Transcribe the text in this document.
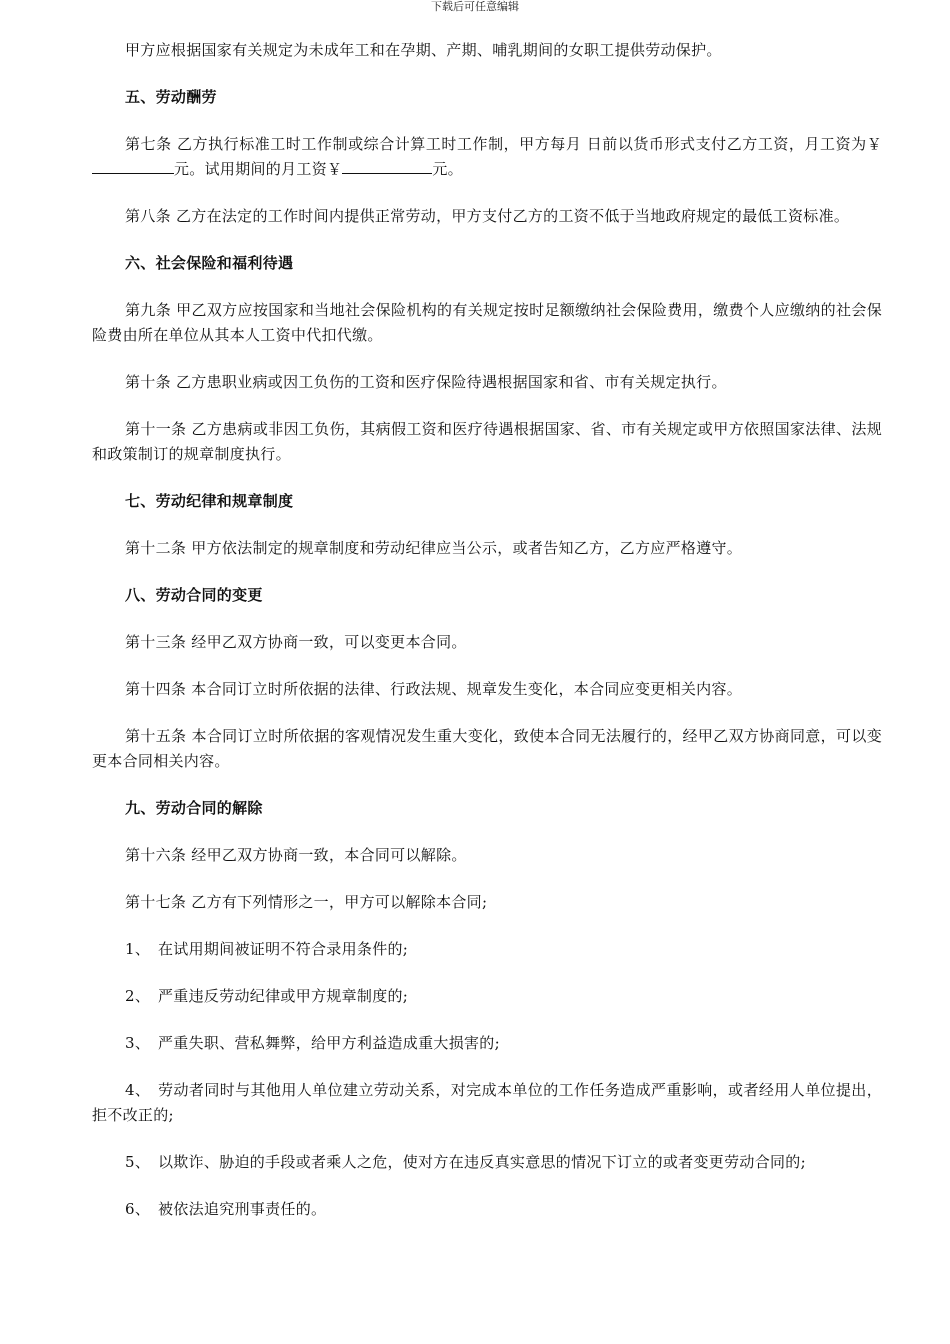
下载后可任意编辑

甲方应根据国家有关规定为未成年工和在孕期、产期、哺乳期间的女职工提供劳动保护。

五、劳动酬劳

第七条 乙方执行标准工时工作制或综合计算工时工作制，甲方每月 日前以货币形式支付乙方工资，月工资为￥元。试用期间的月工资￥	元。

第八条 乙方在法定的工作时间内提供正常劳动，甲方支付乙方的工资不低于当地政府规定的最低工资标准。

六、社会保险和福利待遇

第九条 甲乙双方应按国家和当地社会保险机构的有关规定按时足额缴纳社会保险费用，缴费个人应缴纳的社会保险费由所在单位从其本人工资中代扣代缴。

第十条 乙方患职业病或因工负伤的工资和医疗保险待遇根据国家和省、市有关规定执行。

第十一条 乙方患病或非因工负伤，其病假工资和医疗待遇根据国家、省、市有关规定或甲方依照国家法律、法规和政策制订的规章制度执行。

七、劳动纪律和规章制度

第十二条 甲方依法制定的规章制度和劳动纪律应当公示，或者告知乙方，乙方应严格遵守。

八、劳动合同的变更

第十三条 经甲乙双方协商一致，可以变更本合同。

第十四条 本合同订立时所依据的法律、行政法规、规章发生变化，本合同应变更相关内容。

第十五条 本合同订立时所依据的客观情况发生重大变化，致使本合同无法履行的，经甲乙双方协商同意，可以变更本合同相关内容。

九、劳动合同的解除

第十六条 经甲乙双方协商一致，本合同可以解除。

第十七条 乙方有下列情形之一，甲方可以解除本合同;

1、 在试用期间被证明不符合录用条件的;

2、 严重违反劳动纪律或甲方规章制度的;

3、 严重失职、营私舞弊，给甲方利益造成重大损害的;

4、 劳动者同时与其他用人单位建立劳动关系，对完成本单位的工作任务造成严重影响，或者经用人单位提出，拒不改正的;

5、 以欺诈、胁迫的手段或者乘人之危，使对方在违反真实意思的情况下订立的或者变更劳动合同的;

6、 被依法追究刑事责任的。
